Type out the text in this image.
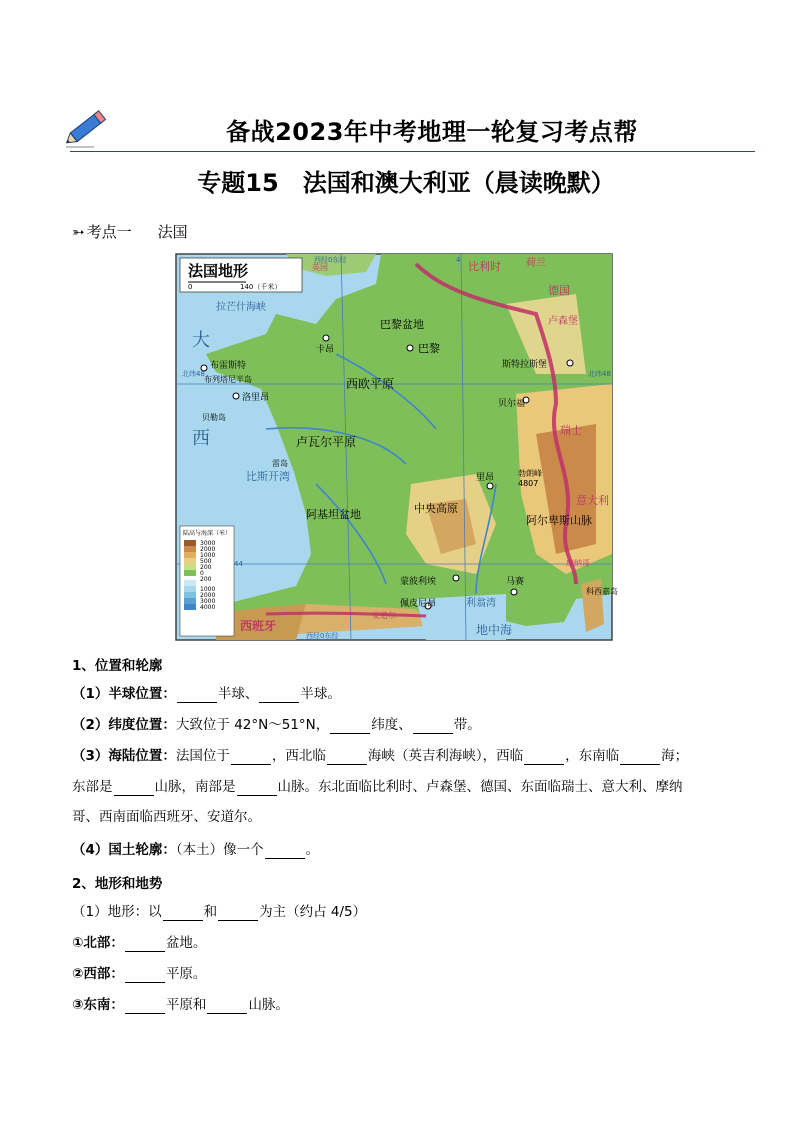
备战2023年中考地理一轮复习考点帮
专题15　法国和澳大利亚（晨读晚默）
➳ 考点一 法国
法国地形
0	140（千米）
英国
西经0东经	比利时	荷兰
德国
卢森堡
拉芒什海峡
巴黎盆地
巴黎
卡昂
布雷斯特
布列塔尼半岛
斯特拉斯堡
西欧平原
洛里昂
贝尔福
贝勒岛
卢瓦尔平原
瑞士
大
西
雷岛
比斯开湾	里昂	勃朗峰
4807
阿尔卑斯山脉
意大利
中央高原
阿基坦盆地
蒙彼利埃	马赛
佩皮尼昂	利翁湾
西班牙
安道尔
摩纳哥
科西嘉岛
地中海
北纬48	北纬48
44
4
西经0东经
陆高与海深（米）
3000
2000
1000
500
200
0
200
1000
2000
3000
4000
1、位置和轮廓
（1）半球位置：	半球、	半球。
（2）纬度位置：大致位于 42°N～51°N，	纬度、	带。
（3）海陆位置：法国位于	，西北临	海峡（英吉利海峡），西临	，东南临	海；
东部是	山脉，南部是	山脉。东北面临比利时、卢森堡、德国、东面临瑞士、意大利、摩纳
哥、西南面临西班牙、安道尔。
（4）国土轮廓：（本土）像一个	。
2、地形和地势
（1）地形：以	和	为主（约占 4/5）
①北部：	盆地。
②西部：	平原。
③东南：	平原和	山脉。
